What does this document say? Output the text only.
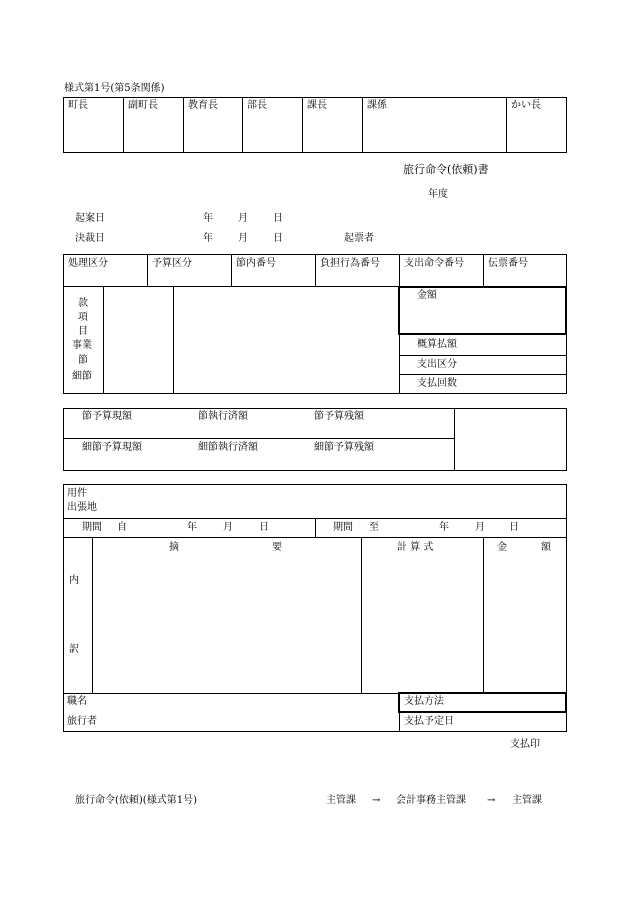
様式第1号(第5条関係)
町長	副町長	教育長	部長	課長	課係	かい長
旅行命令(依頼)書
年度
起案日	年	月	日
決裁日	年	月	日	起票者
処理区分	予算区分	節内番号	負担行為番号 支出命令番号 伝票番号
款
項
目
事業
節
細節
金額
概算払額
支出区分
支払回数
節予算現額	節執行済額	節予算残額
細節予算現額	細節執行済額	細節予算残額
用件
出張地
期間 自	年	月	日	期間 至	年	月 日
摘	要	計 算 式	金	額
内
訳
職名
旅行者
支払方法
支払予定日
支払印
旅行命令(依頼)(様式第1号)	主管課 → 会計事務主管課 → 主管課
